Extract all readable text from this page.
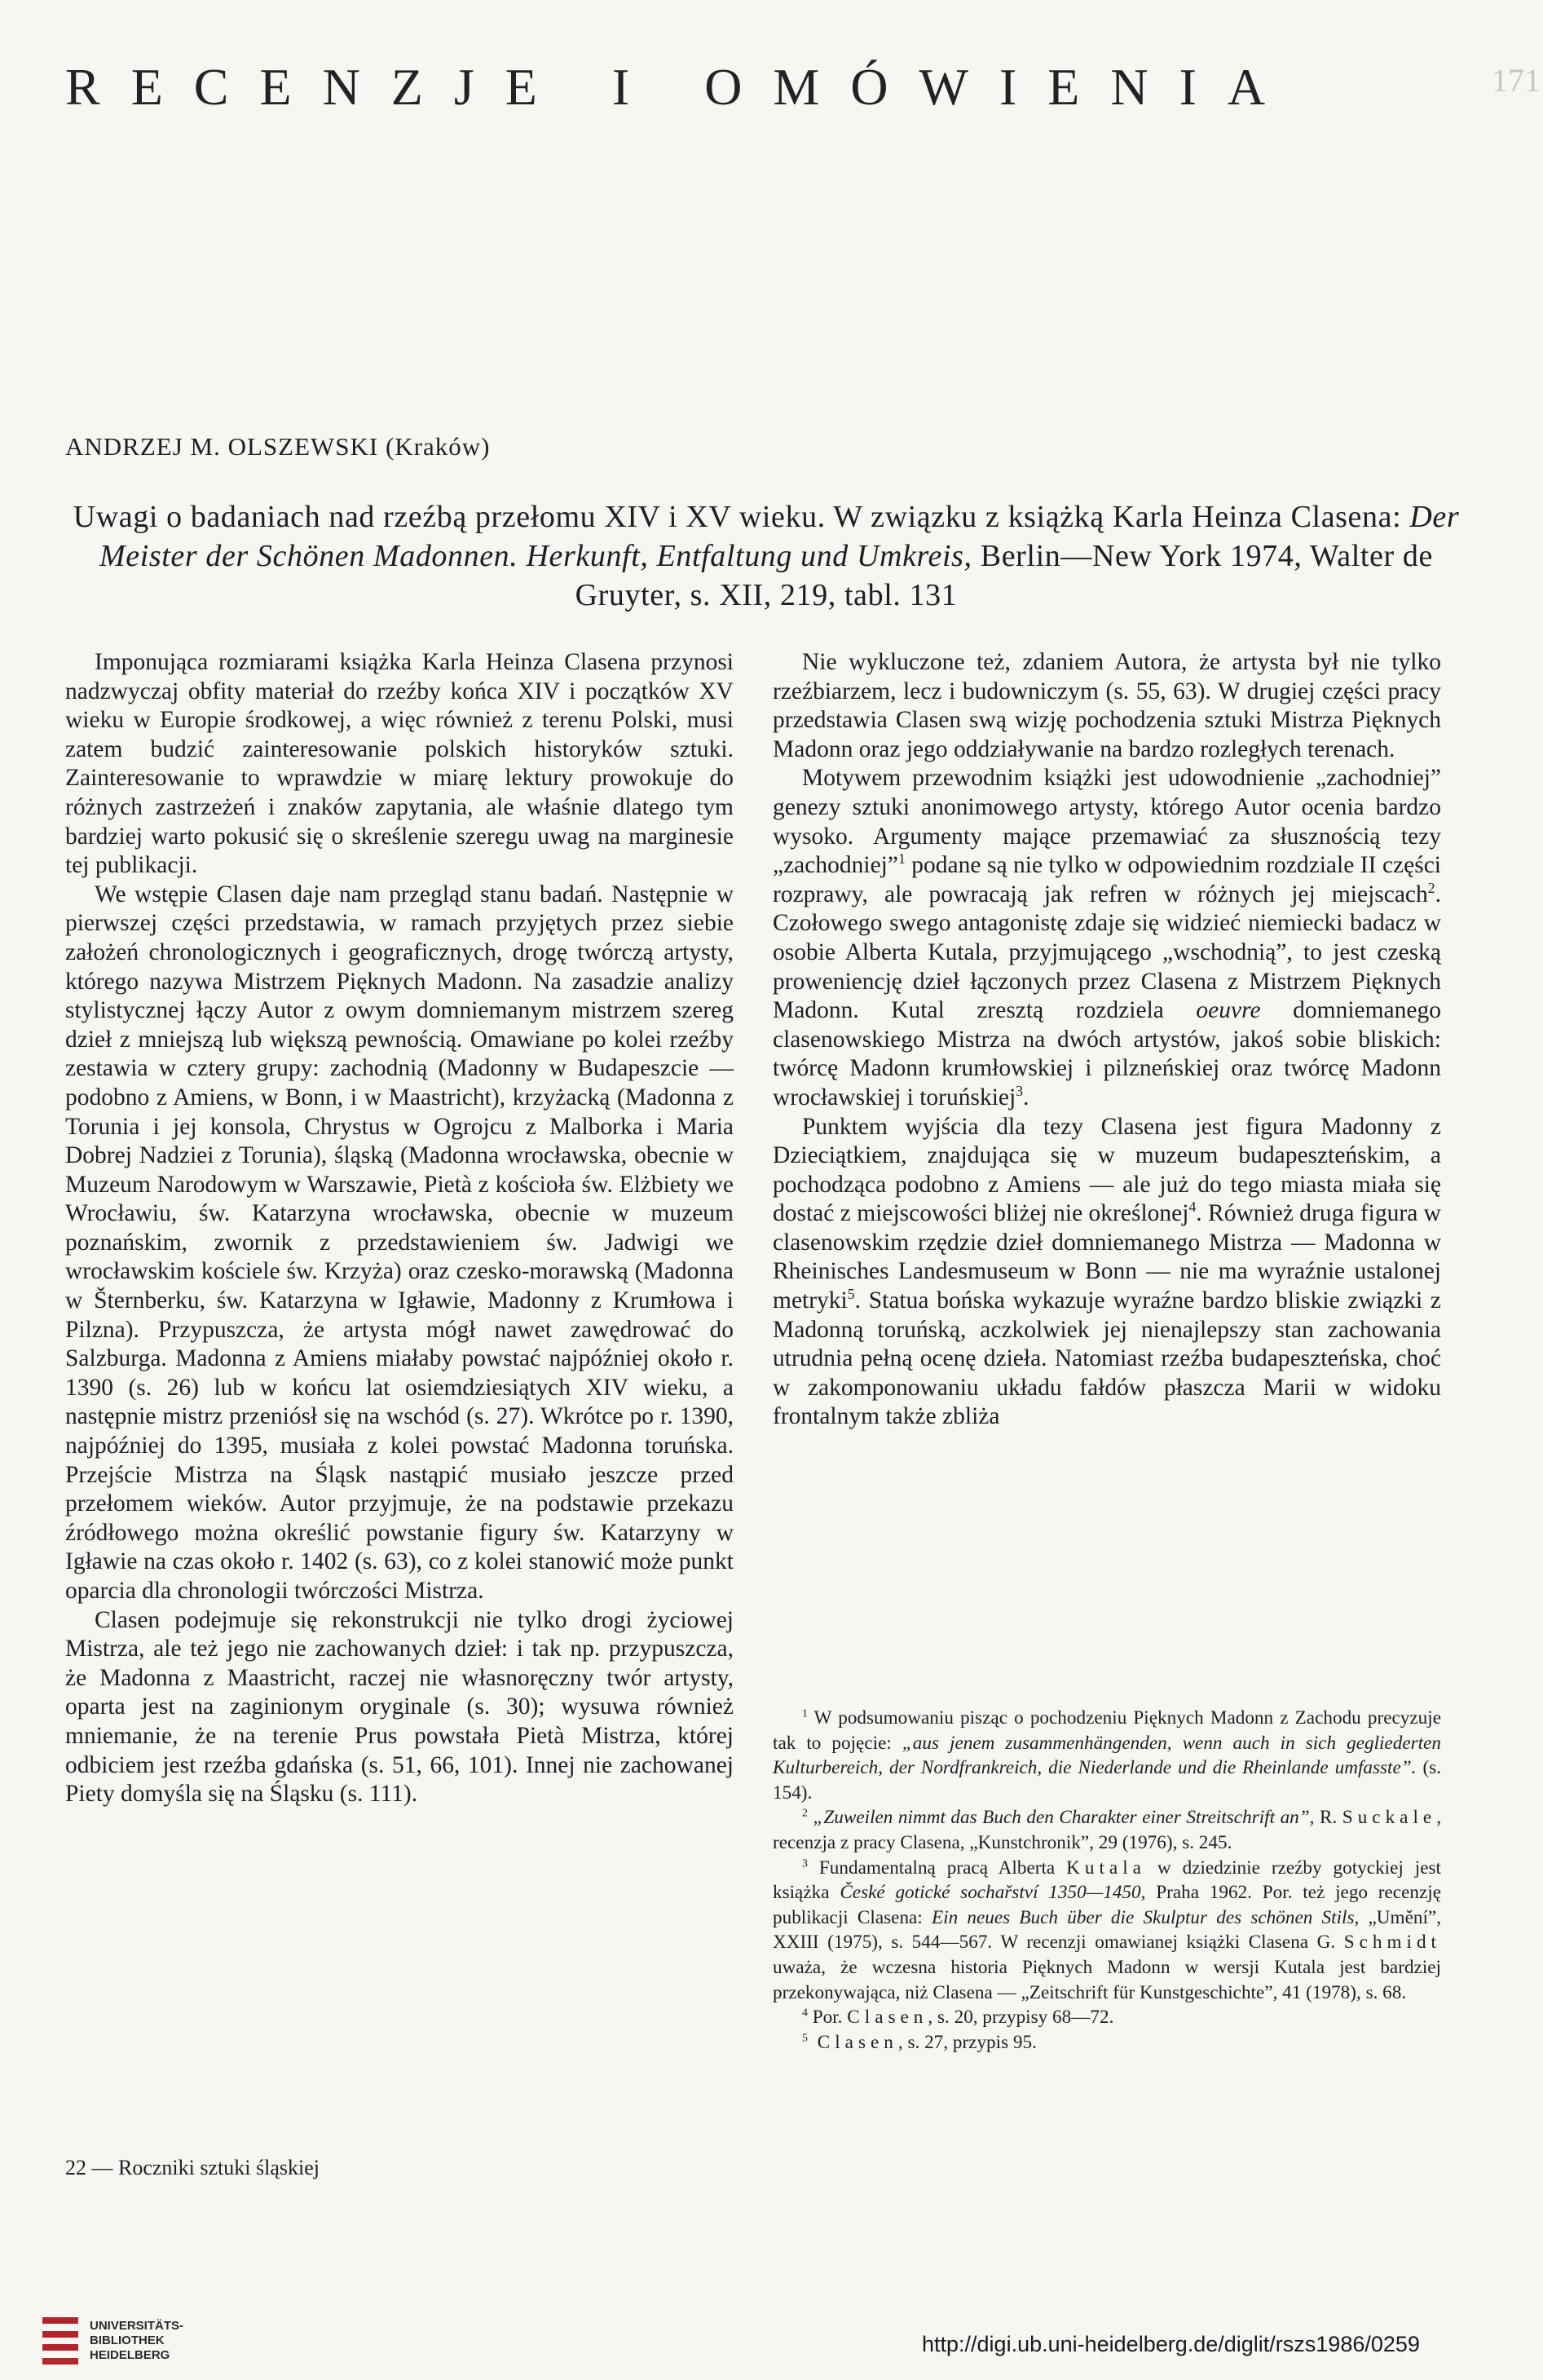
RECENZJE I OMÓWIENIA	171
ANDRZEJ M. OLSZEWSKI (Kraków)
Uwagi o badaniach nad rzeźbą przełomu XIV i XV wieku. W związku z książką Karla Heinza Clasena: Der Meister der Schönen Madonnen. Herkunft, Entfaltung und Umkreis, Berlin—New York 1974, Walter de Gruyter, s. XII, 219, tabl. 131

Imponująca rozmiarami książka Karla Heinza Clasena przynosi nadzwyczaj obfity materiał do rzeźby końca XIV i początków XV wieku w Europie środkowej, a więc również z terenu Polski, musi zatem budzić zainteresowanie polskich historyków sztuki. Zainteresowanie to wprawdzie w miarę lektury prowokuje do różnych zastrzeżeń i znaków zapytania, ale właśnie dlatego tym bardziej warto pokusić się o skreślenie szeregu uwag na marginesie tej publikacji.

We wstępie Clasen daje nam przegląd stanu badań. Następnie w pierwszej części przedstawia, w ramach przyjętych przez siebie założeń chronologicznych i geograficznych, drogę twórczą artysty, którego nazywa Mistrzem Pięknych Madonn. Na zasadzie analizy stylistycznej łączy Autor z owym domniemanym mistrzem szereg dzieł z mniejszą lub większą pewnością. Omawiane po kolei rzeźby zestawia w cztery grupy: zachodnią (Madonny w Budapeszcie — podobno z Amiens, w Bonn, i w Maastricht), krzyżacką (Madonna z Torunia i jej konsola, Chrystus w Ogrojcu z Malborka i Maria Dobrej Nadziei z Torunia), śląską (Madonna wrocławska, obecnie w Muzeum Narodowym w Warszawie, Pietà z kościoła św. Elżbiety we Wrocławiu, św. Katarzyna wrocławska, obecnie w muzeum poznańskim, zwornik z przedstawieniem św. Jadwigi we wrocławskim kościele św. Krzyża) oraz czesko-morawską (Madonna w Šternberku, św. Katarzyna w Igławie, Madonny z Krumłowa i Pilzna). Przypuszcza, że artysta mógł nawet zawędrować do Salzburga. Madonna z Amiens miałaby powstać najpóźniej około r. 1390 (s. 26) lub w końcu lat osiemdziesiątych XIV wieku, a następnie mistrz przeniósł się na wschód (s. 27). Wkrótce po r. 1390, najpóźniej do 1395, musiała z kolei powstać Madonna toruńska. Przejście Mistrza na Śląsk nastąpić musiało jeszcze przed przełomem wieków. Autor przyjmuje, że na podstawie przekazu źródłowego można określić powstanie figury św. Katarzyny w Igławie na czas około r. 1402 (s. 63), co z kolei stanowić może punkt oparcia dla chronologii twórczości Mistrza.

Clasen podejmuje się rekonstrukcji nie tylko drogi życiowej Mistrza, ale też jego nie zachowanych dzieł: i tak np. przypuszcza, że Madonna z Maastricht, raczej nie własnoręczny twór artysty, oparta jest na zaginionym oryginale (s. 30); wysuwa również mniemanie, że na terenie Prus powstała Pietà Mistrza, której odbiciem jest rzeźba gdańska (s. 51, 66, 101). Innej nie zachowanej Piety domyśla się na Śląsku (s. 111).

Nie wykluczone też, zdaniem Autora, że artysta był nie tylko rzeźbiarzem, lecz i budowniczym (s. 55, 63). W drugiej części pracy przedstawia Clasen swą wizję pochodzenia sztuki Mistrza Pięknych Madonn oraz jego oddziaływanie na bardzo rozległych terenach.

Motywem przewodnim książki jest udowodnienie „zachodniej” genezy sztuki anonimowego artysty, którego Autor ocenia bardzo wysoko. Argumenty mające przemawiać za słusznością tezy „zachodniej”$^1$ podane są nie tylko w odpowiednim rozdziale II części rozprawy, ale powracają jak refren w różnych jej miejscach$^2$. Czołowego swego antagonistę zdaje się widzieć niemiecki badacz w osobie Alberta Kutala, przyjmującego „wschodnią”, to jest czeską proweniencję dzieł łączonych przez Clasena z Mistrzem Pięknych Madonn. Kutal zresztą rozdziela oeuvre domniemanego clasenowskiego Mistrza na dwóch artystów, jakoś sobie bliskich: twórcę Madonn krumłowskiej i pilzneńskiej oraz twórcę Madonn wrocławskiej i toruńskiej$^3$.

Punktem wyjścia dla tezy Clasena jest figura Madonny z Dzieciątkiem, znajdująca się w muzeum budapeszteńskim, a pochodząca podobno z Amiens — ale już do tego miasta miała się dostać z miejscowości bliżej nie określonej$^4$. Również druga figura w clasenowskim rzędzie dzieł domniemanego Mistrza — Madonna w Rheinisches Landesmuseum w Bonn — nie ma wyraźnie ustalonej metryki$^5$. Statua bońska wykazuje wyraźne bardzo bliskie związki z Madonną toruńską, aczkolwiek jej nienajlepszy stan zachowania utrudnia pełną ocenę dzieła. Natomiast rzeźba budapeszteńska, choć w zakomponowaniu układu fałdów płaszcza Marii w widoku frontalnym także zbliża

$^1$ W podsumowaniu pisząc o pochodzeniu Pięknych Madonn z Zachodu precyzuje tak to pojęcie: „aus jenem zusammenhängenden, wenn auch in sich gegliederten Kulturbereich, der Nordfrankreich, die Niederlande und die Rheinlande umfasste”. (s. 154).

$^2$ „Zuweilen nimmt das Buch den Charakter einer Streitschrift an”, R. Suckale, recenzja z pracy Clasena, „Kunstchronik”, 29 (1976), s. 245.

$^3$ Fundamentalną pracą Alberta Kutala w dziedzinie rzeźby gotyckiej jest książka České gotické sochařství 1350—1450, Praha 1962. Por. też jego recenzję publikacji Clasena: Ein neues Buch über die Skulptur des schönen Stils, „Umění”, XXIII (1975), s. 544—567. W recenzji omawianej książki Clasena G. Schmidt uważa, że wczesna historia Pięknych Madonn w wersji Kutala jest bardziej przekonywająca, niż Clasena — „Zeitschrift für Kunstgeschichte”, 41 (1978), s. 68.

$^4$ Por. Clasen, s. 20, przypisy 68—72.

$^5$ Clasen, s. 27, przypis 95.

22 — Roczniki sztuki śląskiej
UNIVERSITÄTS-
BIBLIOTHEK
HEIDELBERG	http://digi.ub.uni-heidelberg.de/diglit/rszs1986/0259
